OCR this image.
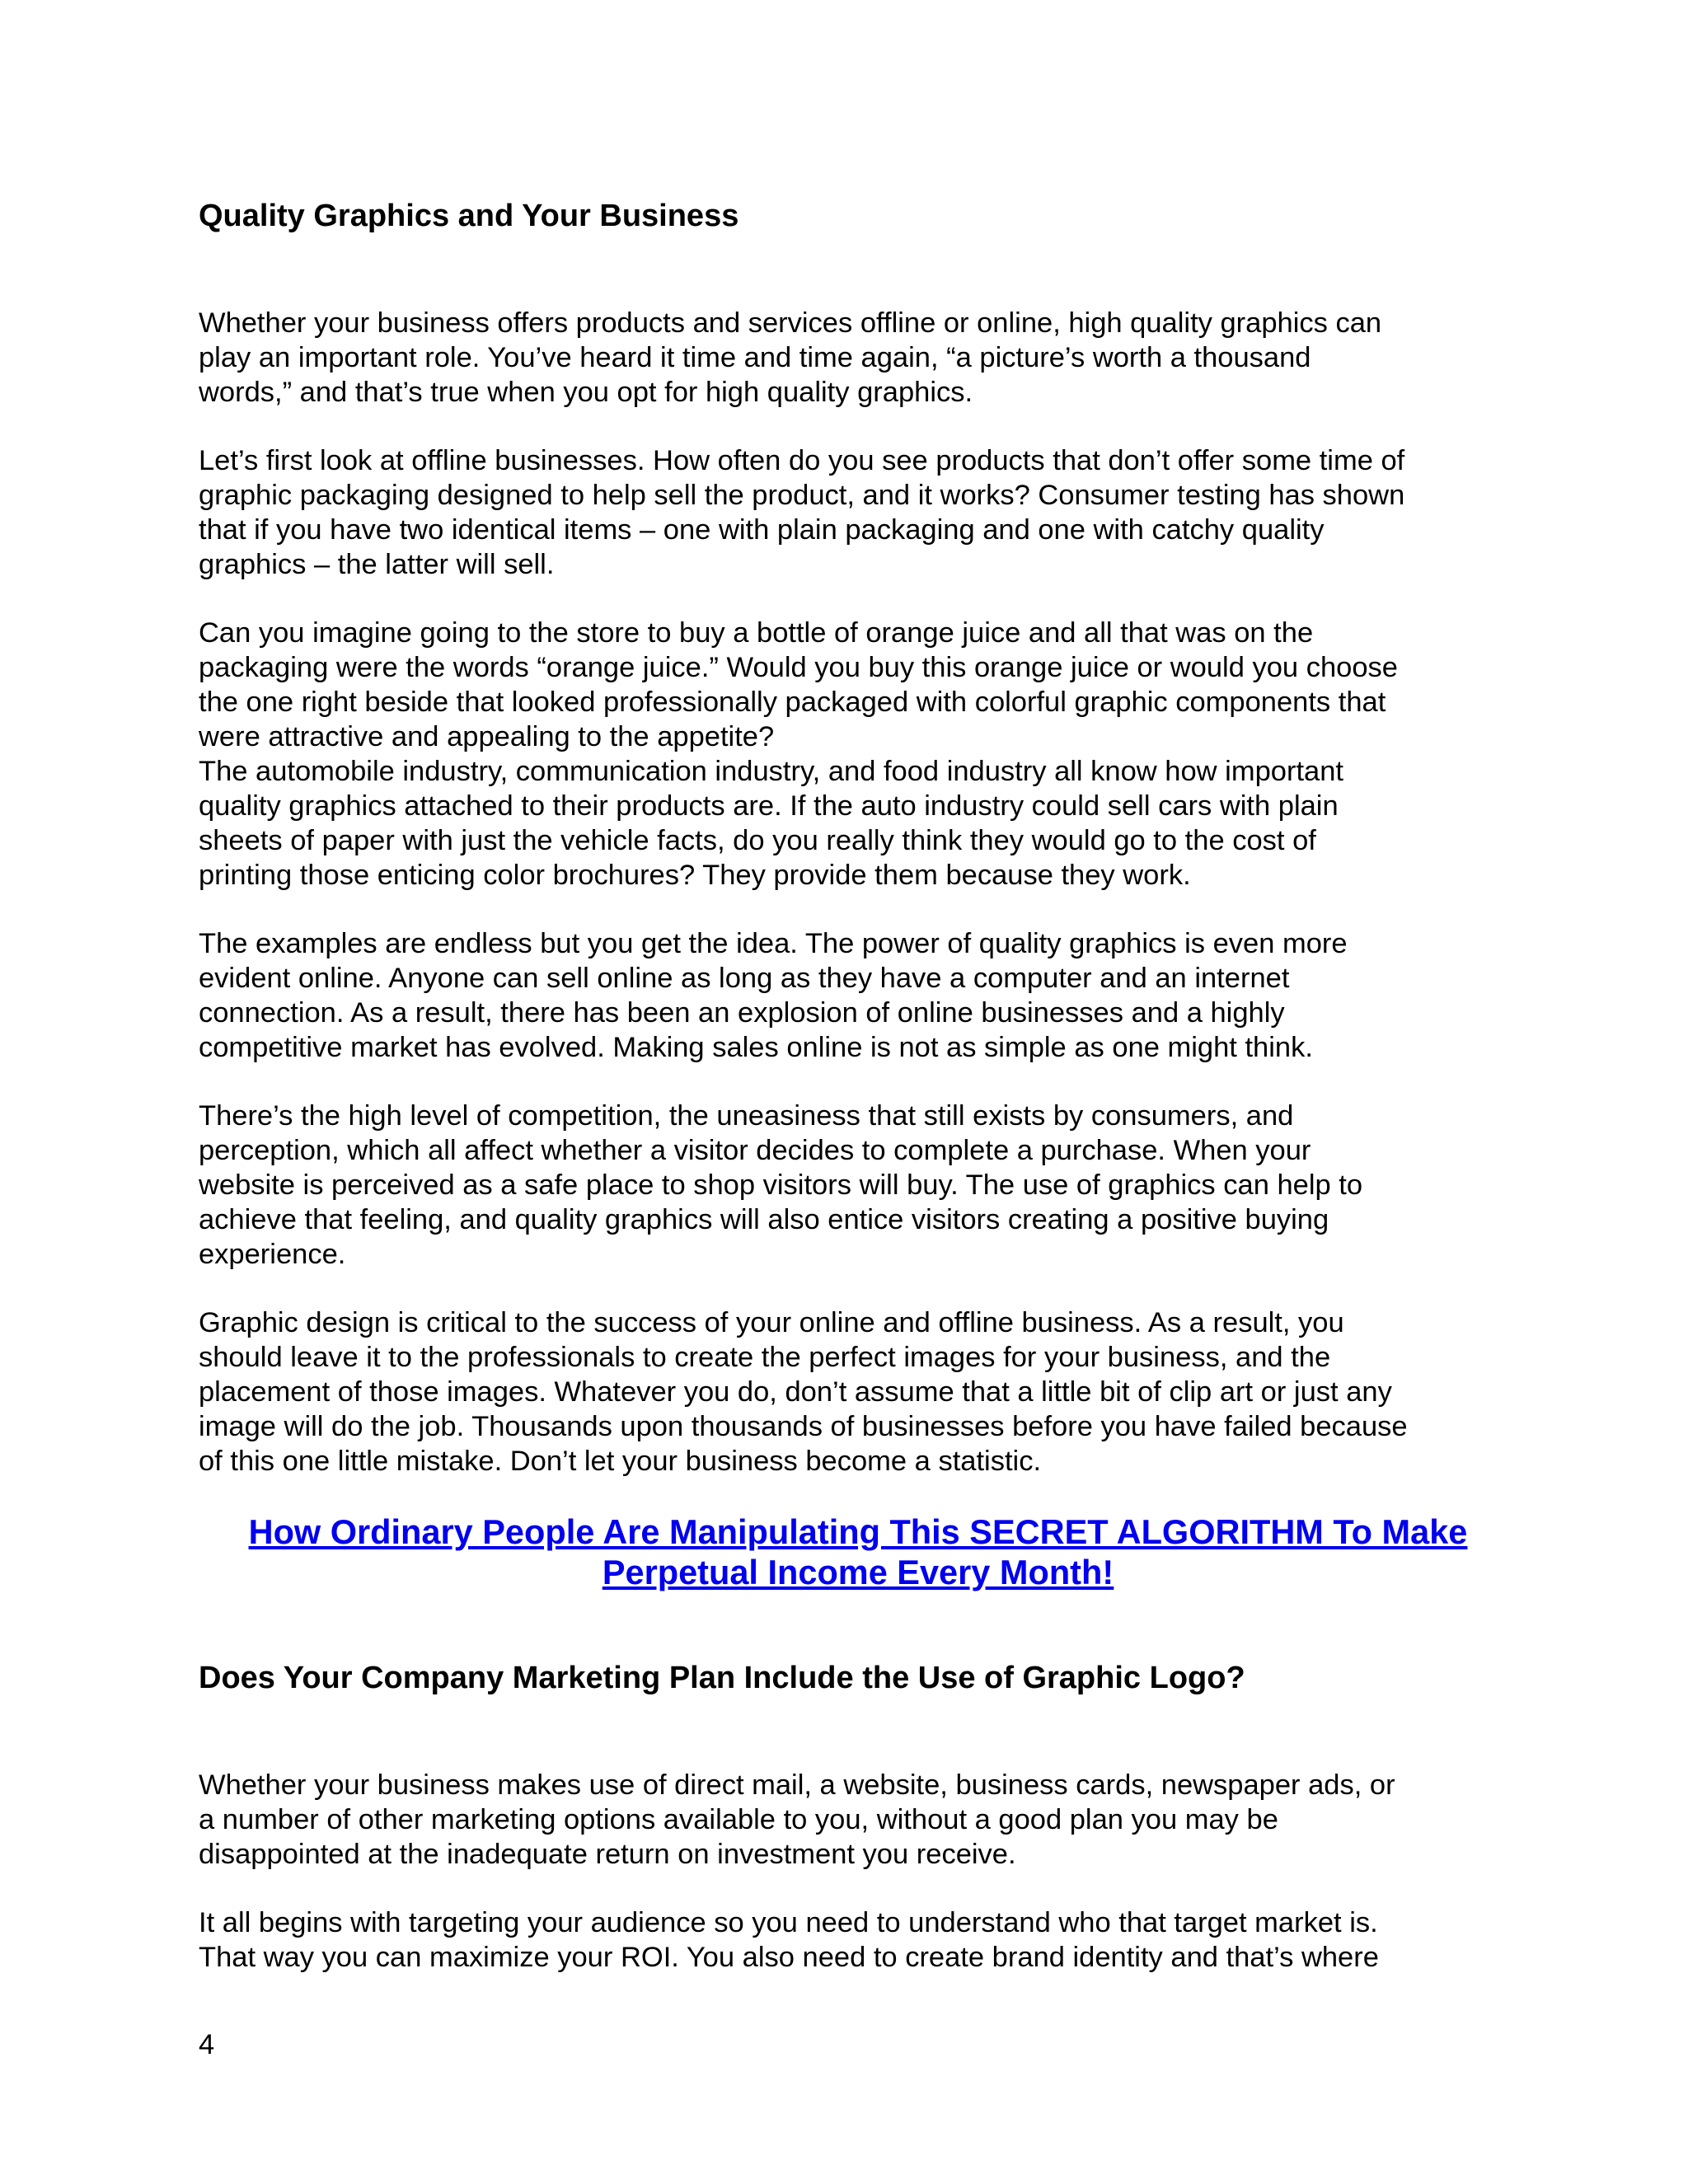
Quality Graphics and Your Business

Whether your business offers products and services offline or online, high quality graphics can
play an important role. You’ve heard it time and time again, “a picture’s worth a thousand
words,” and that’s true when you opt for high quality graphics.

Let’s first look at offline businesses. How often do you see products that don’t offer some time of
graphic packaging designed to help sell the product, and it works? Consumer testing has shown
that if you have two identical items – one with plain packaging and one with catchy quality
graphics – the latter will sell.

Can you imagine going to the store to buy a bottle of orange juice and all that was on the
packaging were the words “orange juice.” Would you buy this orange juice or would you choose
the one right beside that looked professionally packaged with colorful graphic components that
were attractive and appealing to the appetite?
The automobile industry, communication industry, and food industry all know how important
quality graphics attached to their products are. If the auto industry could sell cars with plain
sheets of paper with just the vehicle facts, do you really think they would go to the cost of
printing those enticing color brochures? They provide them because they work.

The examples are endless but you get the idea. The power of quality graphics is even more
evident online. Anyone can sell online as long as they have a computer and an internet
connection. As a result, there has been an explosion of online businesses and a highly
competitive market has evolved. Making sales online is not as simple as one might think.

There’s the high level of competition, the uneasiness that still exists by consumers, and
perception, which all affect whether a visitor decides to complete a purchase. When your
website is perceived as a safe place to shop visitors will buy. The use of graphics can help to
achieve that feeling, and quality graphics will also entice visitors creating a positive buying
experience.

Graphic design is critical to the success of your online and offline business. As a result, you
should leave it to the professionals to create the perfect images for your business, and the
placement of those images. Whatever you do, don’t assume that a little bit of clip art or just any
image will do the job. Thousands upon thousands of businesses before you have failed because
of this one little mistake. Don’t let your business become a statistic.

How Ordinary People Are Manipulating This SECRET ALGORITHM To Make
Perpetual Income Every Month!
Does Your Company Marketing Plan Include the Use of Graphic Logo?

Whether your business makes use of direct mail, a website, business cards, newspaper ads, or
a number of other marketing options available to you, without a good plan you may be
disappointed at the inadequate return on investment you receive.

It all begins with targeting your audience so you need to understand who that target market is.
That way you can maximize your ROI. You also need to create brand identity and that’s where

4
